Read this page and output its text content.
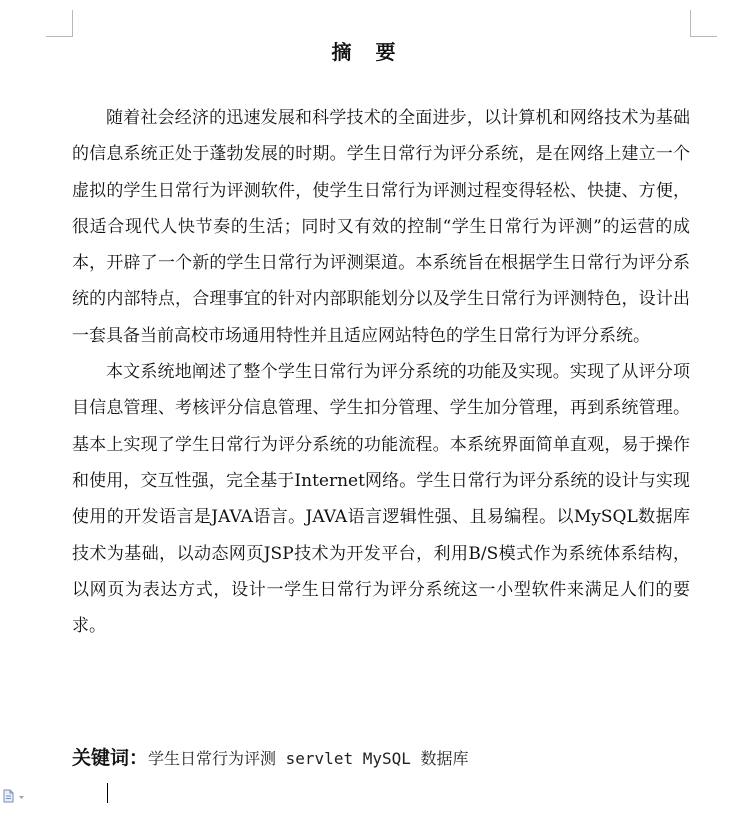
摘　要

随着社会经济的迅速发展和科学技术的全面进步，以计算机和网络技术为基础的信息系统正处于蓬勃发展的时期。学生日常行为评分系统，是在网络上建立一个虚拟的学生日常行为评测软件，使学生日常行为评测过程变得轻松、快捷、方便，很适合现代人快节奏的生活；同时又有效的控制“学生日常行为评测”的运营的成本，开辟了一个新的学生日常行为评测渠道。本系统旨在根据学生日常行为评分系统的内部特点，合理事宜的针对内部职能划分以及学生日常行为评测特色，设计出一套具备当前高校市场通用特性并且适应网站特色的学生日常行为评分系统。

本文系统地阐述了整个学生日常行为评分系统的功能及实现。实现了从评分项目信息管理、考核评分信息管理、学生扣分管理、学生加分管理，再到系统管理。基本上实现了学生日常行为评分系统的功能流程。本系统界面简单直观，易于操作和使用，交互性强，完全基于Internet网络。学生日常行为评分系统的设计与实现使用的开发语言是JAVA语言。JAVA语言逻辑性强、且易编程。以MySQL数据库技术为基础，以动态网页JSP技术为开发平台，利用B/S模式作为系统体系结构，以网页为表达方式，设计一学生日常行为评分系统这一小型软件来满足人们的要求。

关键词：学生日常行为评测 servlet MySQL 数据库
